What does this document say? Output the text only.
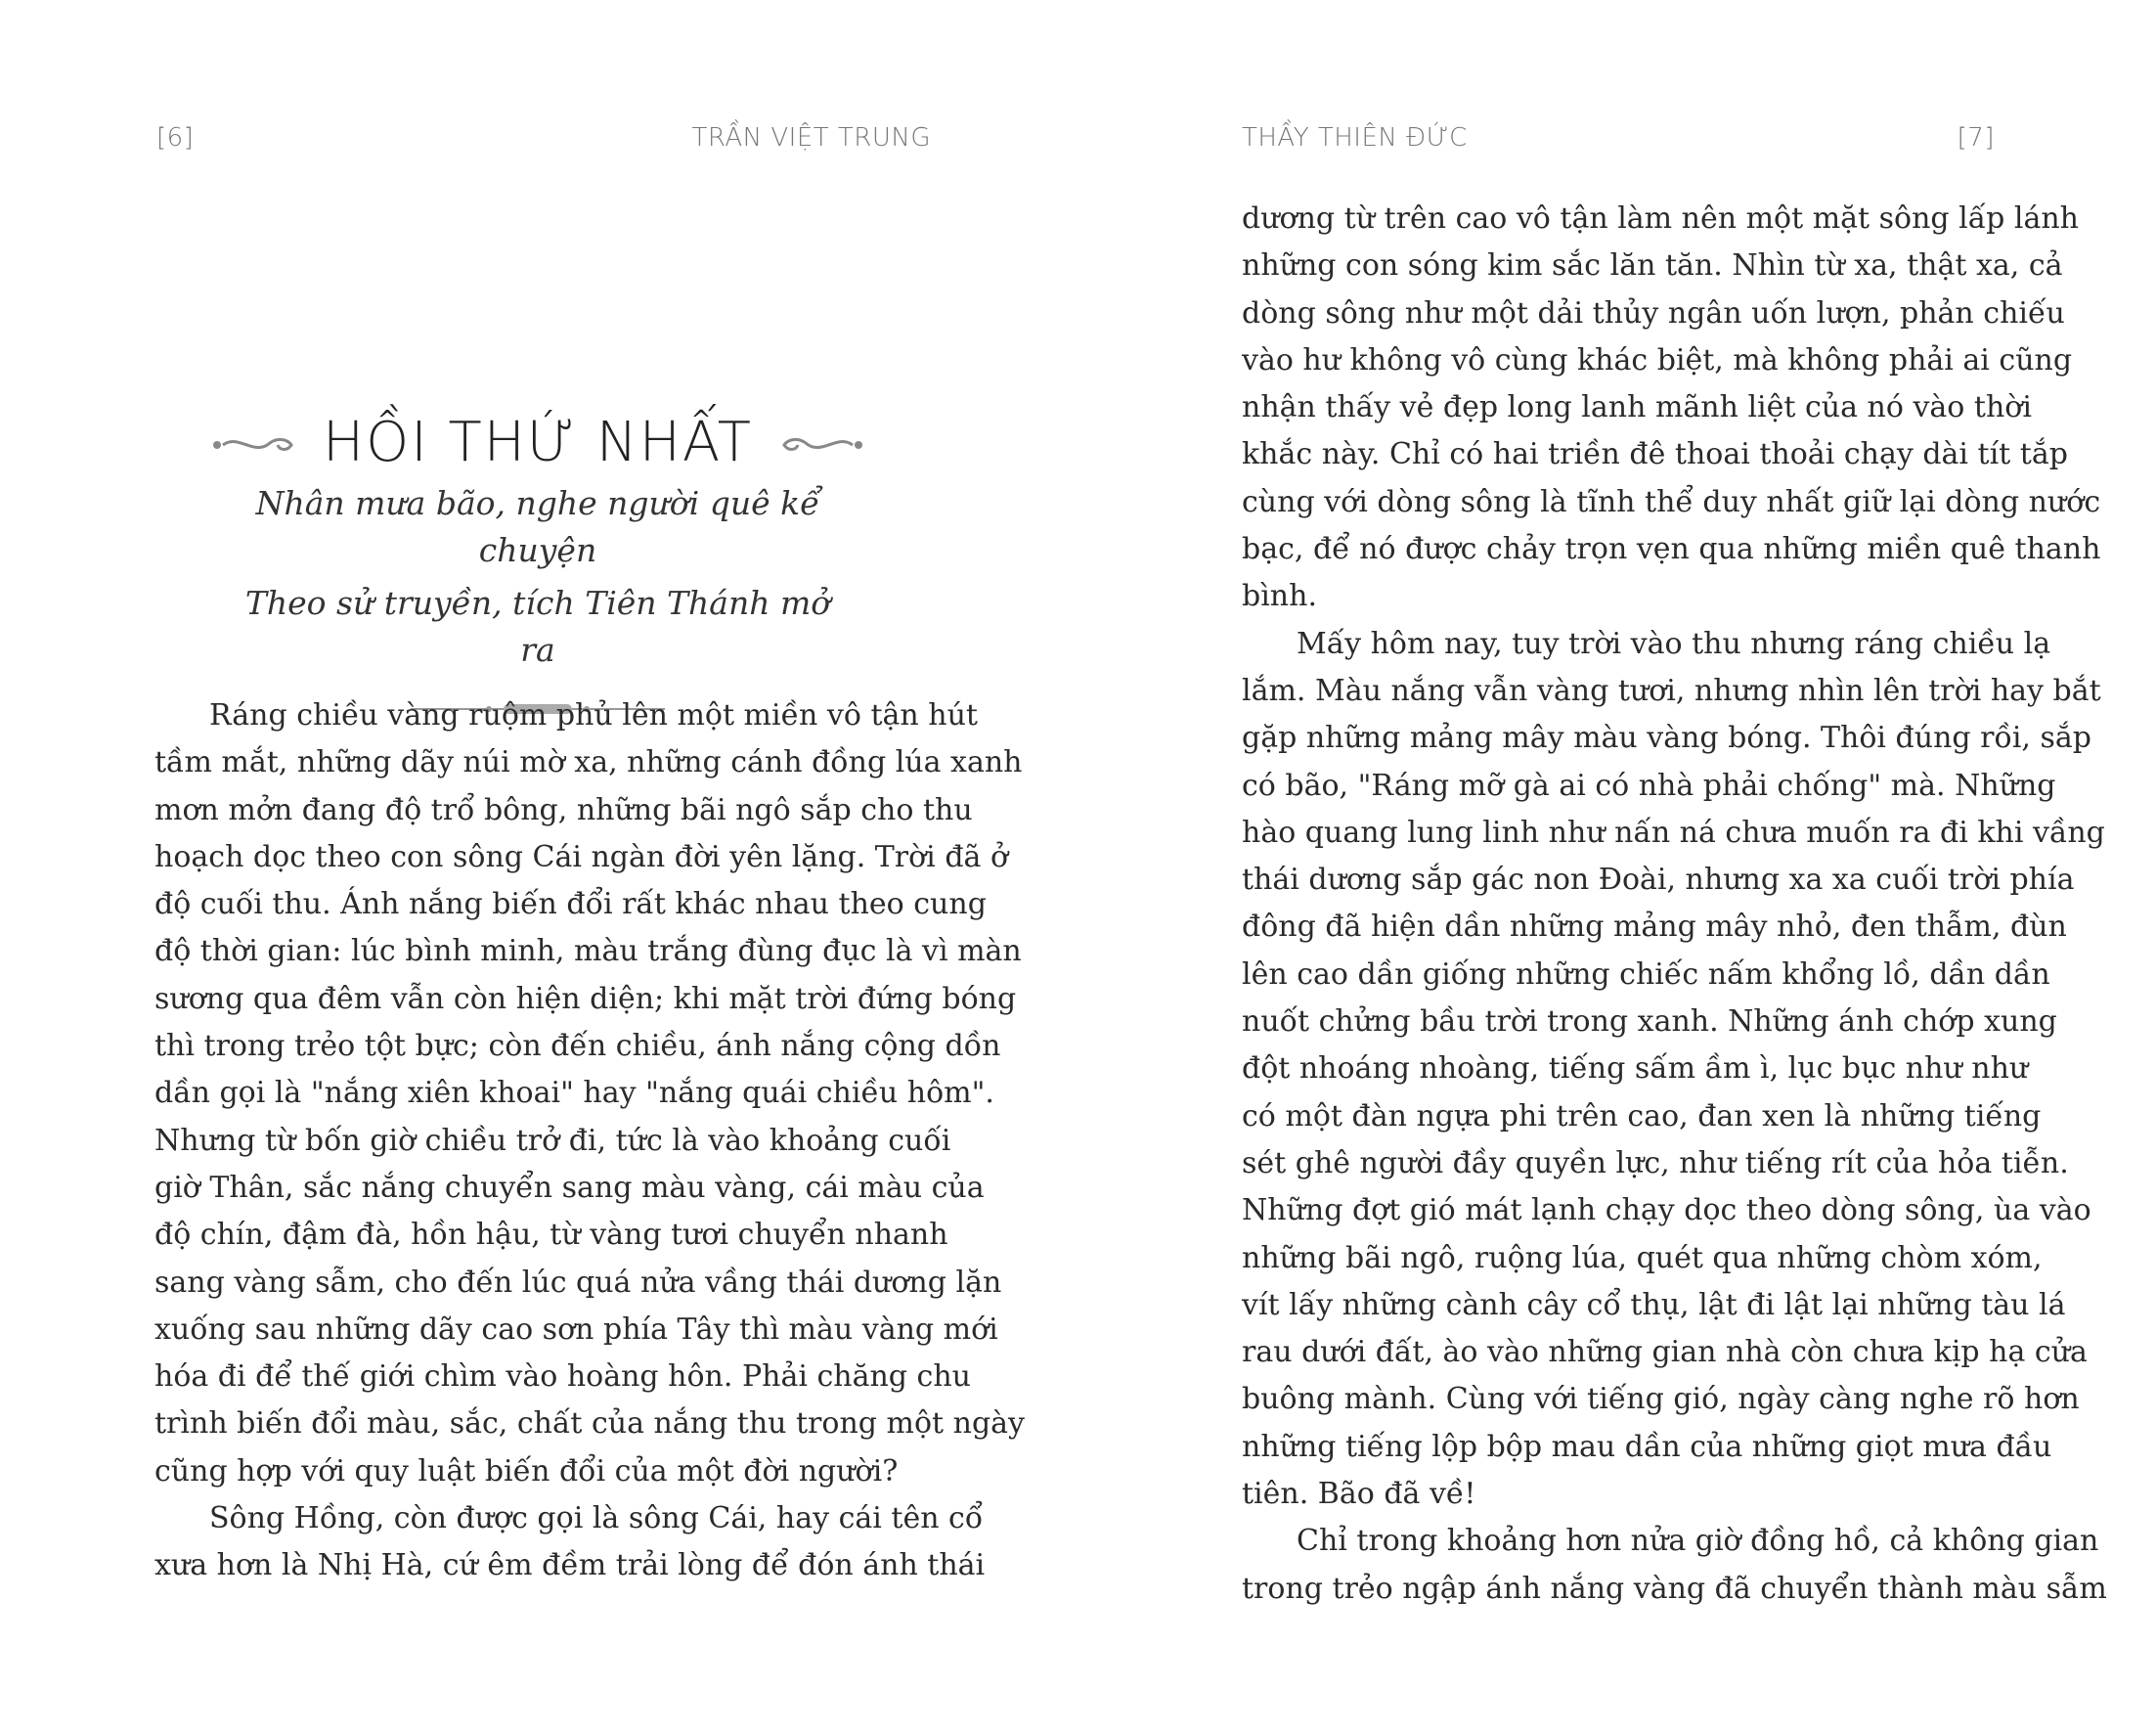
[6]	TRẦN VIỆT TRUNG
HỒI THỨ NHẤT
Nhân mưa bão, nghe người quê kể chuyện
Theo sử truyền, tích Tiên Thánh mở ra
Ráng chiều vàng ruộm phủ lên một miền vô tận hút
tầm mắt, những dãy núi mờ xa, những cánh đồng lúa xanh
mơn mởn đang độ trổ bông, những bãi ngô sắp cho thu
hoạch dọc theo con sông Cái ngàn đời yên lặng. Trời đã ở
độ cuối thu. Ánh nắng biến đổi rất khác nhau theo cung
độ thời gian: lúc bình minh, màu trắng đùng đục là vì màn
sương qua đêm vẫn còn hiện diện; khi mặt trời đứng bóng
thì trong trẻo tột bực; còn đến chiều, ánh nắng cộng dồn
dần gọi là "nắng xiên khoai" hay "nắng quái chiều hôm".
Nhưng từ bốn giờ chiều trở đi, tức là vào khoảng cuối
giờ Thân, sắc nắng chuyển sang màu vàng, cái màu của
độ chín, đậm đà, hồn hậu, từ vàng tươi chuyển nhanh
sang vàng sẫm, cho đến lúc quá nửa vầng thái dương lặn
xuống sau những dãy cao sơn phía Tây thì màu vàng mới
hóa đi để thế giới chìm vào hoàng hôn. Phải chăng chu
trình biến đổi màu, sắc, chất của nắng thu trong một ngày
cũng hợp với quy luật biến đổi của một đời người?
Sông Hồng, còn được gọi là sông Cái, hay cái tên cổ
xưa hơn là Nhị Hà, cứ êm đềm trải lòng để đón ánh thái
THẦY THIÊN ĐỨC	[7]
dương từ trên cao vô tận làm nên một mặt sông lấp lánh
những con sóng kim sắc lăn tăn. Nhìn từ xa, thật xa, cả
dòng sông như một dải thủy ngân uốn lượn, phản chiếu
vào hư không vô cùng khác biệt, mà không phải ai cũng
nhận thấy vẻ đẹp long lanh mãnh liệt của nó vào thời
khắc này. Chỉ có hai triền đê thoai thoải chạy dài tít tắp
cùng với dòng sông là tĩnh thể duy nhất giữ lại dòng nước
bạc, để nó được chảy trọn vẹn qua những miền quê thanh
bình.
Mấy hôm nay, tuy trời vào thu nhưng ráng chiều lạ
lắm. Màu nắng vẫn vàng tươi, nhưng nhìn lên trời hay bắt
gặp những mảng mây màu vàng bóng. Thôi đúng rồi, sắp
có bão, "Ráng mỡ gà ai có nhà phải chống" mà. Những
hào quang lung linh như nấn ná chưa muốn ra đi khi vầng
thái dương sắp gác non Đoài, nhưng xa xa cuối trời phía
đông đã hiện dần những mảng mây nhỏ, đen thẫm, đùn
lên cao dần giống những chiếc nấm khổng lồ, dần dần
nuốt chửng bầu trời trong xanh. Những ánh chớp xung
đột nhoáng nhoàng, tiếng sấm ầm ì, lục bục như như
có một đàn ngựa phi trên cao, đan xen là những tiếng
sét ghê người đầy quyền lực, như tiếng rít của hỏa tiễn.
Những đợt gió mát lạnh chạy dọc theo dòng sông, ùa vào
những bãi ngô, ruộng lúa, quét qua những chòm xóm,
vít lấy những cành cây cổ thụ, lật đi lật lại những tàu lá
rau dưới đất, ào vào những gian nhà còn chưa kịp hạ cửa
buông mành. Cùng với tiếng gió, ngày càng nghe rõ hơn
những tiếng lộp bộp mau dần của những giọt mưa đầu
tiên. Bão đã về!
Chỉ trong khoảng hơn nửa giờ đồng hồ, cả không gian
trong trẻo ngập ánh nắng vàng đã chuyển thành màu sẫm
